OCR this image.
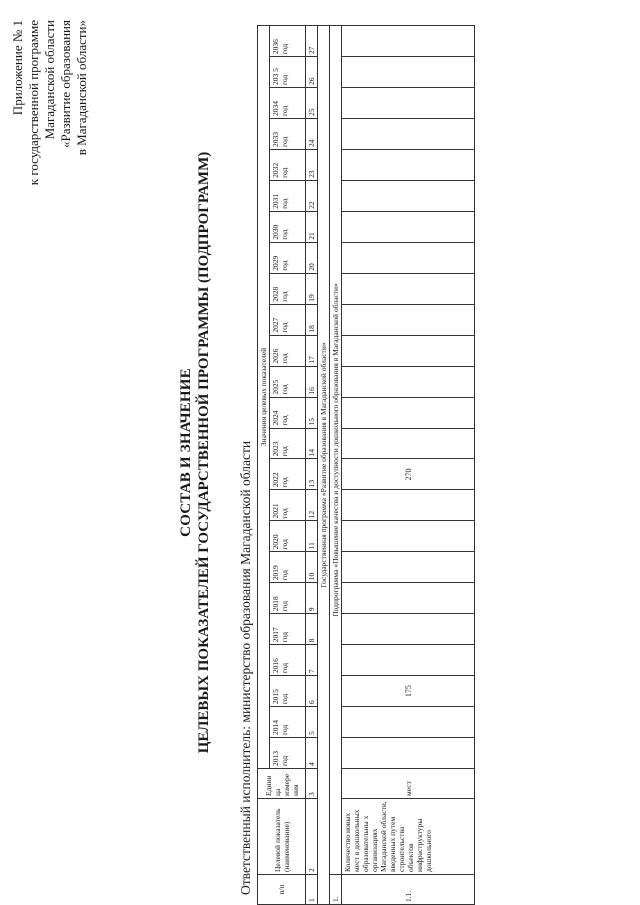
Приложение № 1 к государственной программе Магаданской области «Развитие образования в Магаданской области»
СОСТАВ И ЗНАЧЕНИЕ ЦЕЛЕВЫХ ПОКАЗАТЕЛЕЙ ГОСУДАРСТВЕННОЙ ПРОГРАММЫ (ПОДПРОГРАММ) Ответственный исполнитель: министерство образования Магаданской области	п/п	Целевой показатель (наименование)	Едини ца измере ния	Значения целевых показателей																							
			2013 год	2014 год	2015 год	2016 год	2017 год	2018 год	2019 год	2020 год	2021 год	2022 год	2023 год	2024 год	2025 год	2026 год	2027 год	2028 год	2029 год	2030 год	2031 год	2032 год	2033 год	2034 год	203 5 год	2036 год
1	2	3	4	5	6	7	8	9	10	11	12	13	14	15	16	17	18	19	20	21	22	23	24	25	26	27
Государственная программа «Развитие образования в Магаданской области»																										
1.	Подпрограмма «Повышение качества и доступности дошкольного образования в Магаданской области»																									
1.1.	Количество новых мест в дошкольных образовательны х организациях Магаданской области, введенных путем строительства объектов инфраструктуры дошкольного	мест			175							270														
